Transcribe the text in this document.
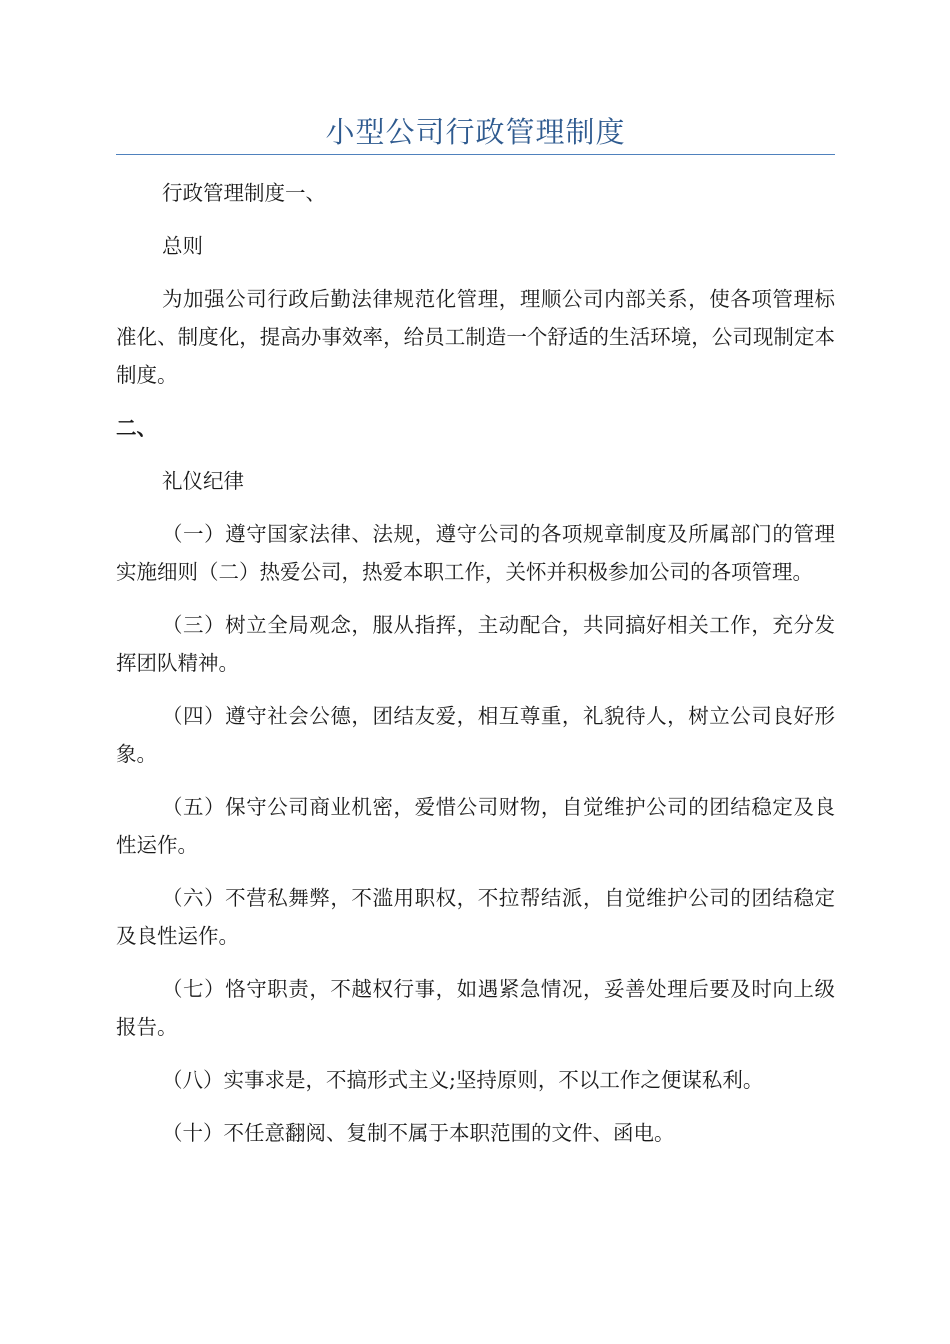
小型公司行政管理制度

行政管理制度一、

总则

为加强公司行政后勤法律规范化管理，理顺公司内部关系，使各项管理标准化、制度化，提高办事效率，给员工制造一个舒适的生活环境，公司现制定本制度。

二、

礼仪纪律

（一）遵守国家法律、法规，遵守公司的各项规章制度及所属部门的管理实施细则（二）热爱公司，热爱本职工作，关怀并积极参加公司的各项管理。

（三）树立全局观念，服从指挥，主动配合，共同搞好相关工作，充分发挥团队精神。

（四）遵守社会公德，团结友爱，相互尊重，礼貌待人，树立公司良好形象。

（五）保守公司商业机密，爱惜公司财物，自觉维护公司的团结稳定及良性运作。

（六）不营私舞弊，不滥用职权，不拉帮结派，自觉维护公司的团结稳定及良性运作。

（七）恪守职责，不越权行事，如遇紧急情况，妥善处理后要及时向上级报告。

（八）实事求是，不搞形式主义;坚持原则，不以工作之便谋私利。

（十）不任意翻阅、复制不属于本职范围的文件、函电。
